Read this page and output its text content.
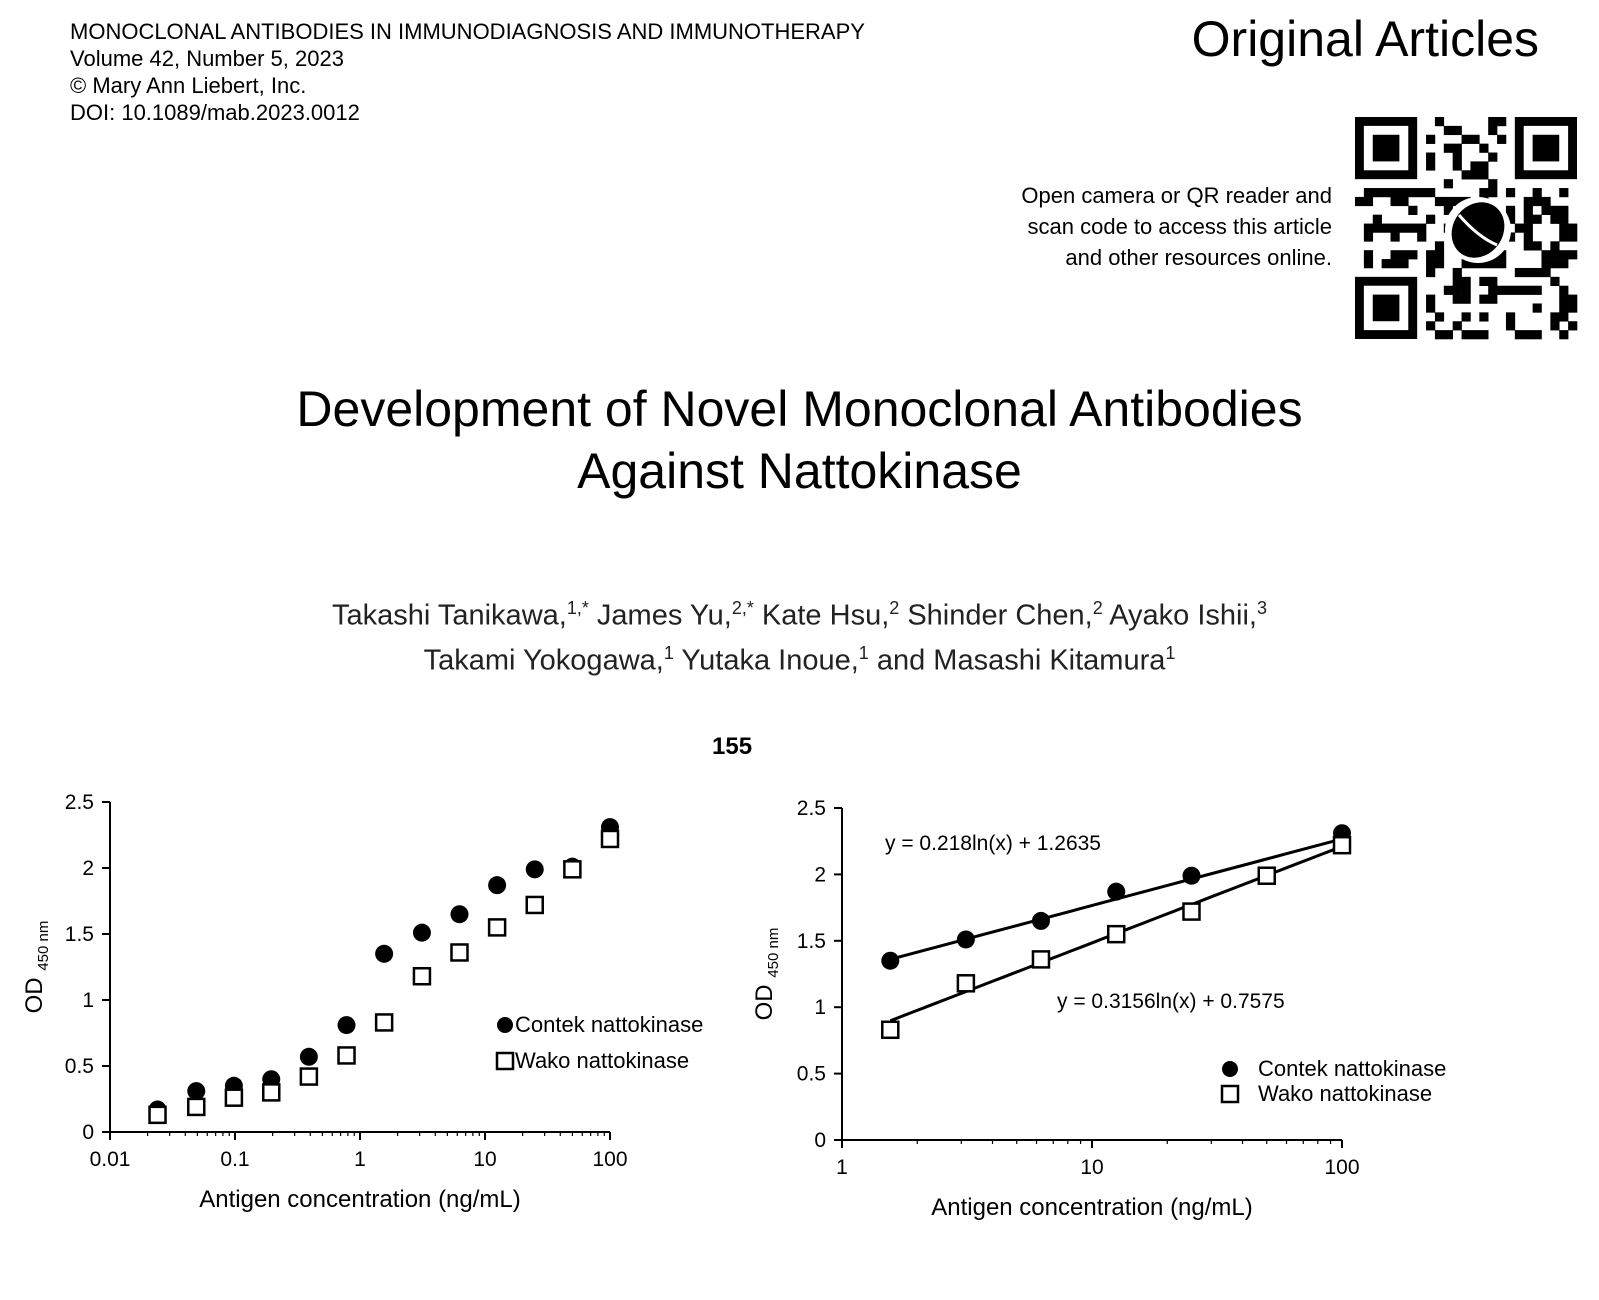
MONOCLONAL ANTIBODIES IN IMMUNODIAGNOSIS AND IMMUNOTHERAPY
Volume 42, Number 5, 2023
© Mary Ann Liebert, Inc.
DOI: 10.1089/mab.2023.0012
Original Articles
Open camera or QR reader and
scan code to access this article
and other resources online.
Development of Novel Monoclonal Antibodies
Against Nattokinase
Takashi Tanikawa,$^{1,*}$ James Yu,$^{2,*}$ Kate Hsu,$^2$ Shinder Chen,$^2$ Ayako Ishii,$^3$
Takami Yokogawa,$^1$ Yutaka Inoue,$^1$ and Masashi Kitamura$^1$
155
0
0.5
1
1.5
2
2.5
0.01	0.1	1	10	100
Antigen concentration (ng/mL)
OD $_{450 nm}$
Contek nattokinase
Wako nattokinase
0
0.5
1
1.5
2
2.5
1	10	100
Antigen concentration (ng/mL)
OD $_{450 nm}$
Contek nattokinase
Wako nattokinase
y = 0.218ln(x) + 1.2635
y = 0.3156ln(x) + 0.7575
